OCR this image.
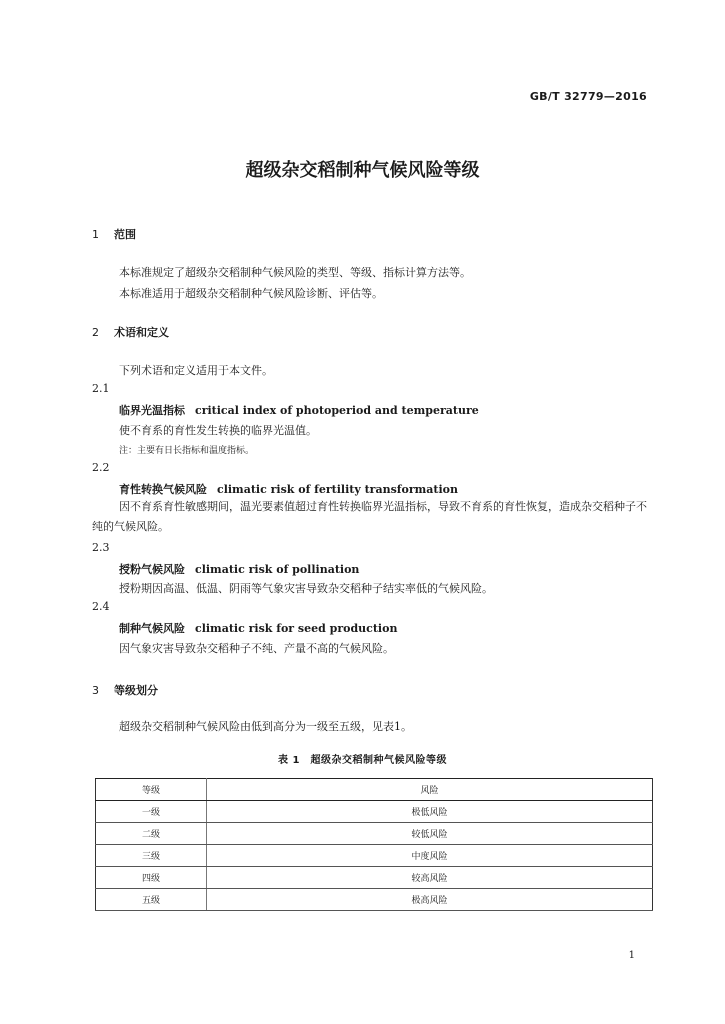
GB/T 32779—2016
超级杂交稻制种气候风险等级
1 范围
本标准规定了超级杂交稻制种气候风险的类型、等级、指标计算方法等。
本标准适用于超级杂交稻制种气候风险诊断、评估等。
2 术语和定义
下列术语和定义适用于本文件。
2.1
临界光温指标 critical index of photoperiod and temperature
使不育系的育性发生转换的临界光温值。
注：主要有日长指标和温度指标。
2.2
育性转换气候风险 climatic risk of fertility transformation
因不育系育性敏感期间，温光要素值超过育性转换临界光温指标，导致不育系的育性恢复，造成杂交稻种子不纯的气候风险。
2.3
授粉气候风险 climatic risk of pollination
授粉期因高温、低温、阴雨等气象灾害导致杂交稻种子结实率低的气候风险。
2.4
制种气候风险 climatic risk for seed production
因气象灾害导致杂交稻种子不纯、产量不高的气候风险。
3 等级划分
超级杂交稻制种气候风险由低到高分为一级至五级，见表1。
表 1　超级杂交稻制种气候风险等级
等级	风险
一级	极低风险
二级	较低风险
三级	中度风险
四级	较高风险
五级	极高风险
1
